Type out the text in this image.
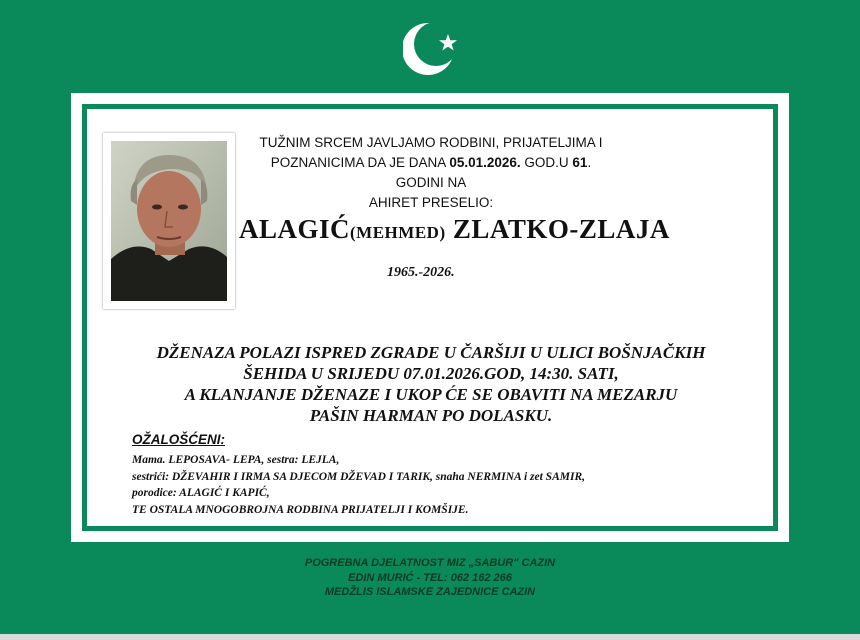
TUŽNIM SRCEM JAVLJAMO RODBINI, PRIJATELJIMA I
POZNANICIMA DA JE DANA 05.01.2026. GOD.U 61. GODINI NA
AHIRET PRESELIO:
ALAGIĆ(MEHMED) ZLATKO-ZLAJA
1965.-2026.
DŽENAZA POLAZI ISPRED ZGRADE U ČARŠIJI U ULICI BOŠNJAČKIH
ŠEHIDA U SRIJEDU 07.01.2026.GOD, 14:30. SATI,
A KLANJANJE DŽENAZE I UKOP ĆE SE OBAVITI NA MEZARJU
PAŠIN HARMAN PO DOLASKU.
OŽALOŠĆENI:
Mama. LEPOSAVA- LEPA, sestra: LEJLA,
sestrići: DŽEVAHIR I IRMA SA DJECOM DŽEVAD I TARIK, snaha NERMINA i zet SAMIR,
porodice: ALAGIĆ I KAPIĆ,
TE OSTALA MNOGOBROJNA RODBINA PRIJATELJI I KOMŠIJE.
POGREBNA DJELATNOST MIZ „SABUR" CAZIN
EDIN MURIĆ - TEL: 062 162 266
MEDŽLIS ISLAMSKE ZAJEDNICE CAZIN
